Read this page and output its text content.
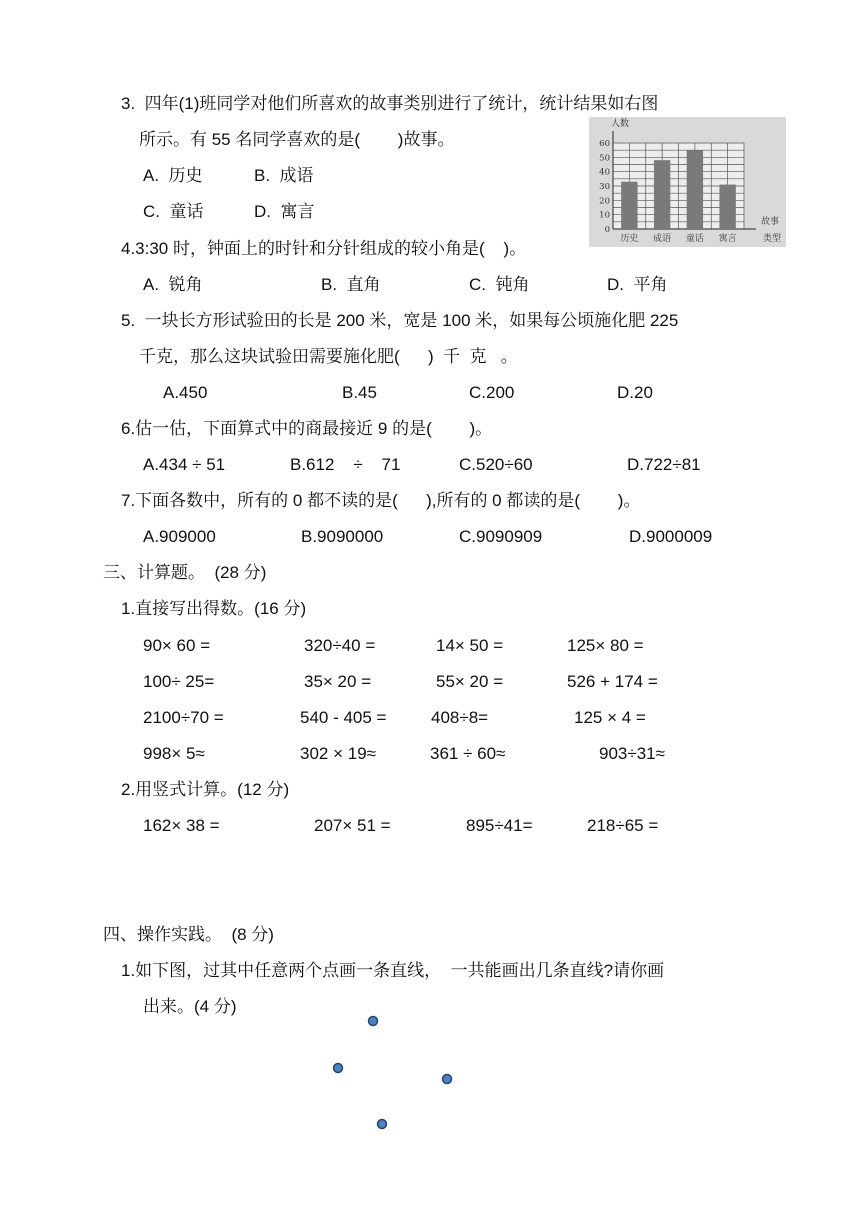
3.  四年(1)班同学对他们所喜欢的故事类别进行了统计，统计结果如右图
所示。有 55 名同学喜欢的是(        )故事。
A.  历史	B.  成语
C.  童话	D.  寓言
人数
历史 成语 童话 寓言
0
10
20
30
40
50
60
故事
类型
4.3:30 时，钟面上的时针和分针组成的较小角是(    )。
A.  锐角	B.  直角	C.  钝角	D.  平角
5.  一块长方形试验田的长是 200 米，宽是 100 米，如果每公顷施化肥 225
千克，那么这块试验田需要施化肥(      )  千  克   。
A.450	B.45	C.200	D.20
6.估一估，下面算式中的商最接近 9 的是(        )。
A.434 ÷ 51	B.612    ÷    71	C.520÷60	D.722÷81
7.下面各数中，所有的 0 都不读的是(      ),所有的 0 都读的是(        )。
A.909000	B.9090000	C.9090909	D.9000009
三、计算题。  (28 分)
1.直接写出得数。(16 分)
90× 60 =	320÷40 =	14× 50 =	125× 80 =
100÷ 25=	35× 20 =	55× 20 =	526 + 174 =
2100÷70 =	540 - 405 =	408÷8=	125 × 4 =
998× 5≈	302 × 19≈	361 ÷ 60≈	903÷31≈
2.用竖式计算。(12 分)
162× 38 =	207× 51 =	895÷41=	218÷65 =
四、操作实践。  (8 分)
1.如下图，过其中任意两个点画一条直线，  一共能画出几条直线?请你画
出来。(4 分)
